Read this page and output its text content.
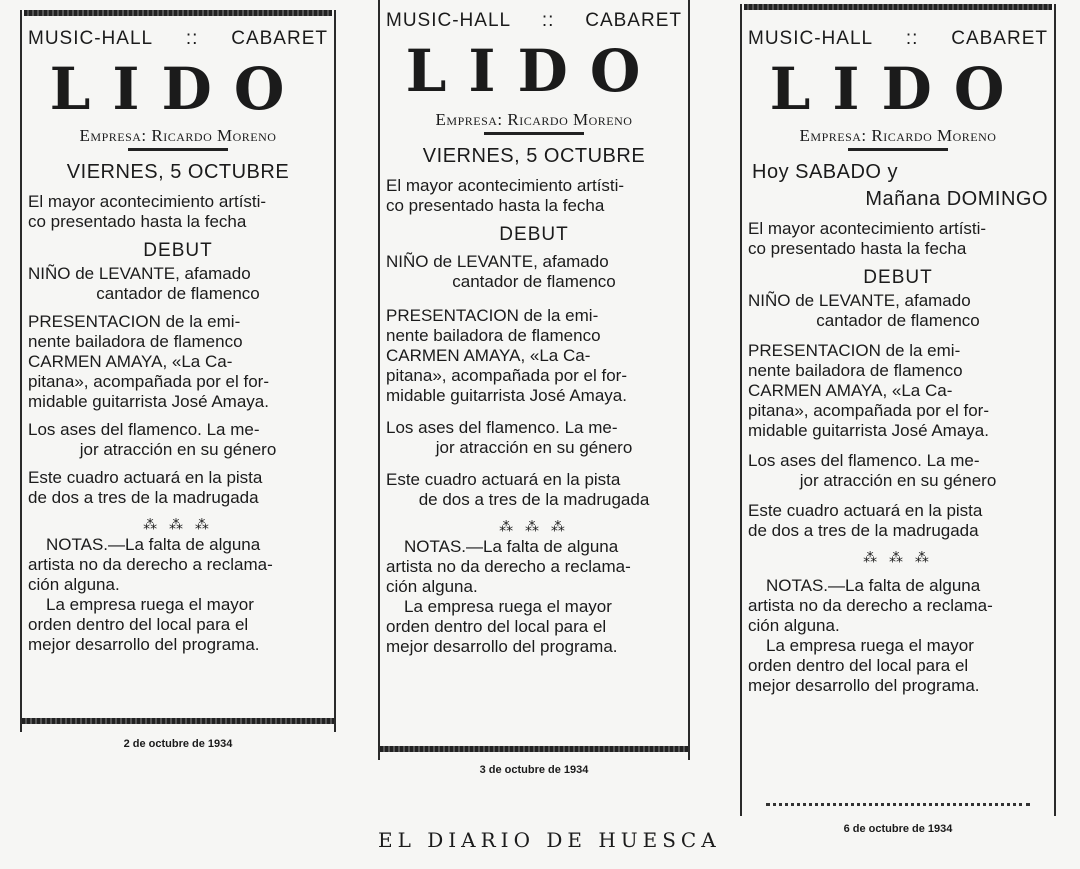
MUSIC-HALL :: CABARET
LIDO
Empresa: Ricardo Moreno
VIERNES, 5 OCTUBRE
El mayor acontecimiento artísti-
co presentado hasta la fecha
DEBUT
NIÑO de LEVANTE, afamado
cantador de flamenco
PRESENTACION de la emi-
nente bailadora de flamenco
CARMEN AMAYA, «La Ca-
pitana», acompañada por el for-
midable guitarrista José Amaya.
Los ases del flamenco. La me-
jor atracción en su género
Este cuadro actuará en la pista
de dos a tres de la madrugada
⁂ ⁂ ⁂
NOTAS.—La falta de alguna
artista no da derecho a reclama-
ción alguna.
La empresa ruega el mayor
orden dentro del local para el
mejor desarrollo del programa.
2 de octubre de 1934
MUSIC-HALL :: CABARET
LIDO
Empresa: Ricardo Moreno
VIERNES, 5 OCTUBRE
El mayor acontecimiento artísti-
co presentado hasta la fecha
DEBUT
NIÑO de LEVANTE, afamado
cantador de flamenco
PRESENTACION de la emi-
nente bailadora de flamenco
CARMEN AMAYA, «La Ca-
pitana», acompañada por el for-
midable guitarrista José Amaya.
Los ases del flamenco. La me-
jor atracción en su género
Este cuadro actuará en la pista
de dos a tres de la madrugada
⁂ ⁂ ⁂
NOTAS.—La falta de alguna
artista no da derecho a reclama-
ción alguna.
La empresa ruega el mayor
orden dentro del local para el
mejor desarrollo del programa.
3 de octubre de 1934
MUSIC-HALL :: CABARET
LIDO
Empresa: Ricardo Moreno
Hoy SABADO y
Mañana DOMINGO
El mayor acontecimiento artísti-
co presentado hasta la fecha
DEBUT
NIÑO de LEVANTE, afamado
cantador de flamenco
PRESENTACION de la emi-
nente bailadora de flamenco
CARMEN AMAYA, «La Ca-
pitana», acompañada por el for-
midable guitarrista José Amaya.
Los ases del flamenco. La me-
jor atracción en su género
Este cuadro actuará en la pista
de dos a tres de la madrugada
⁂ ⁂ ⁂
NOTAS.—La falta de alguna
artista no da derecho a reclama-
ción alguna.
La empresa ruega el mayor
orden dentro del local para el
mejor desarrollo del programa.
6 de octubre de 1934
EL DIARIO DE HUESCA
